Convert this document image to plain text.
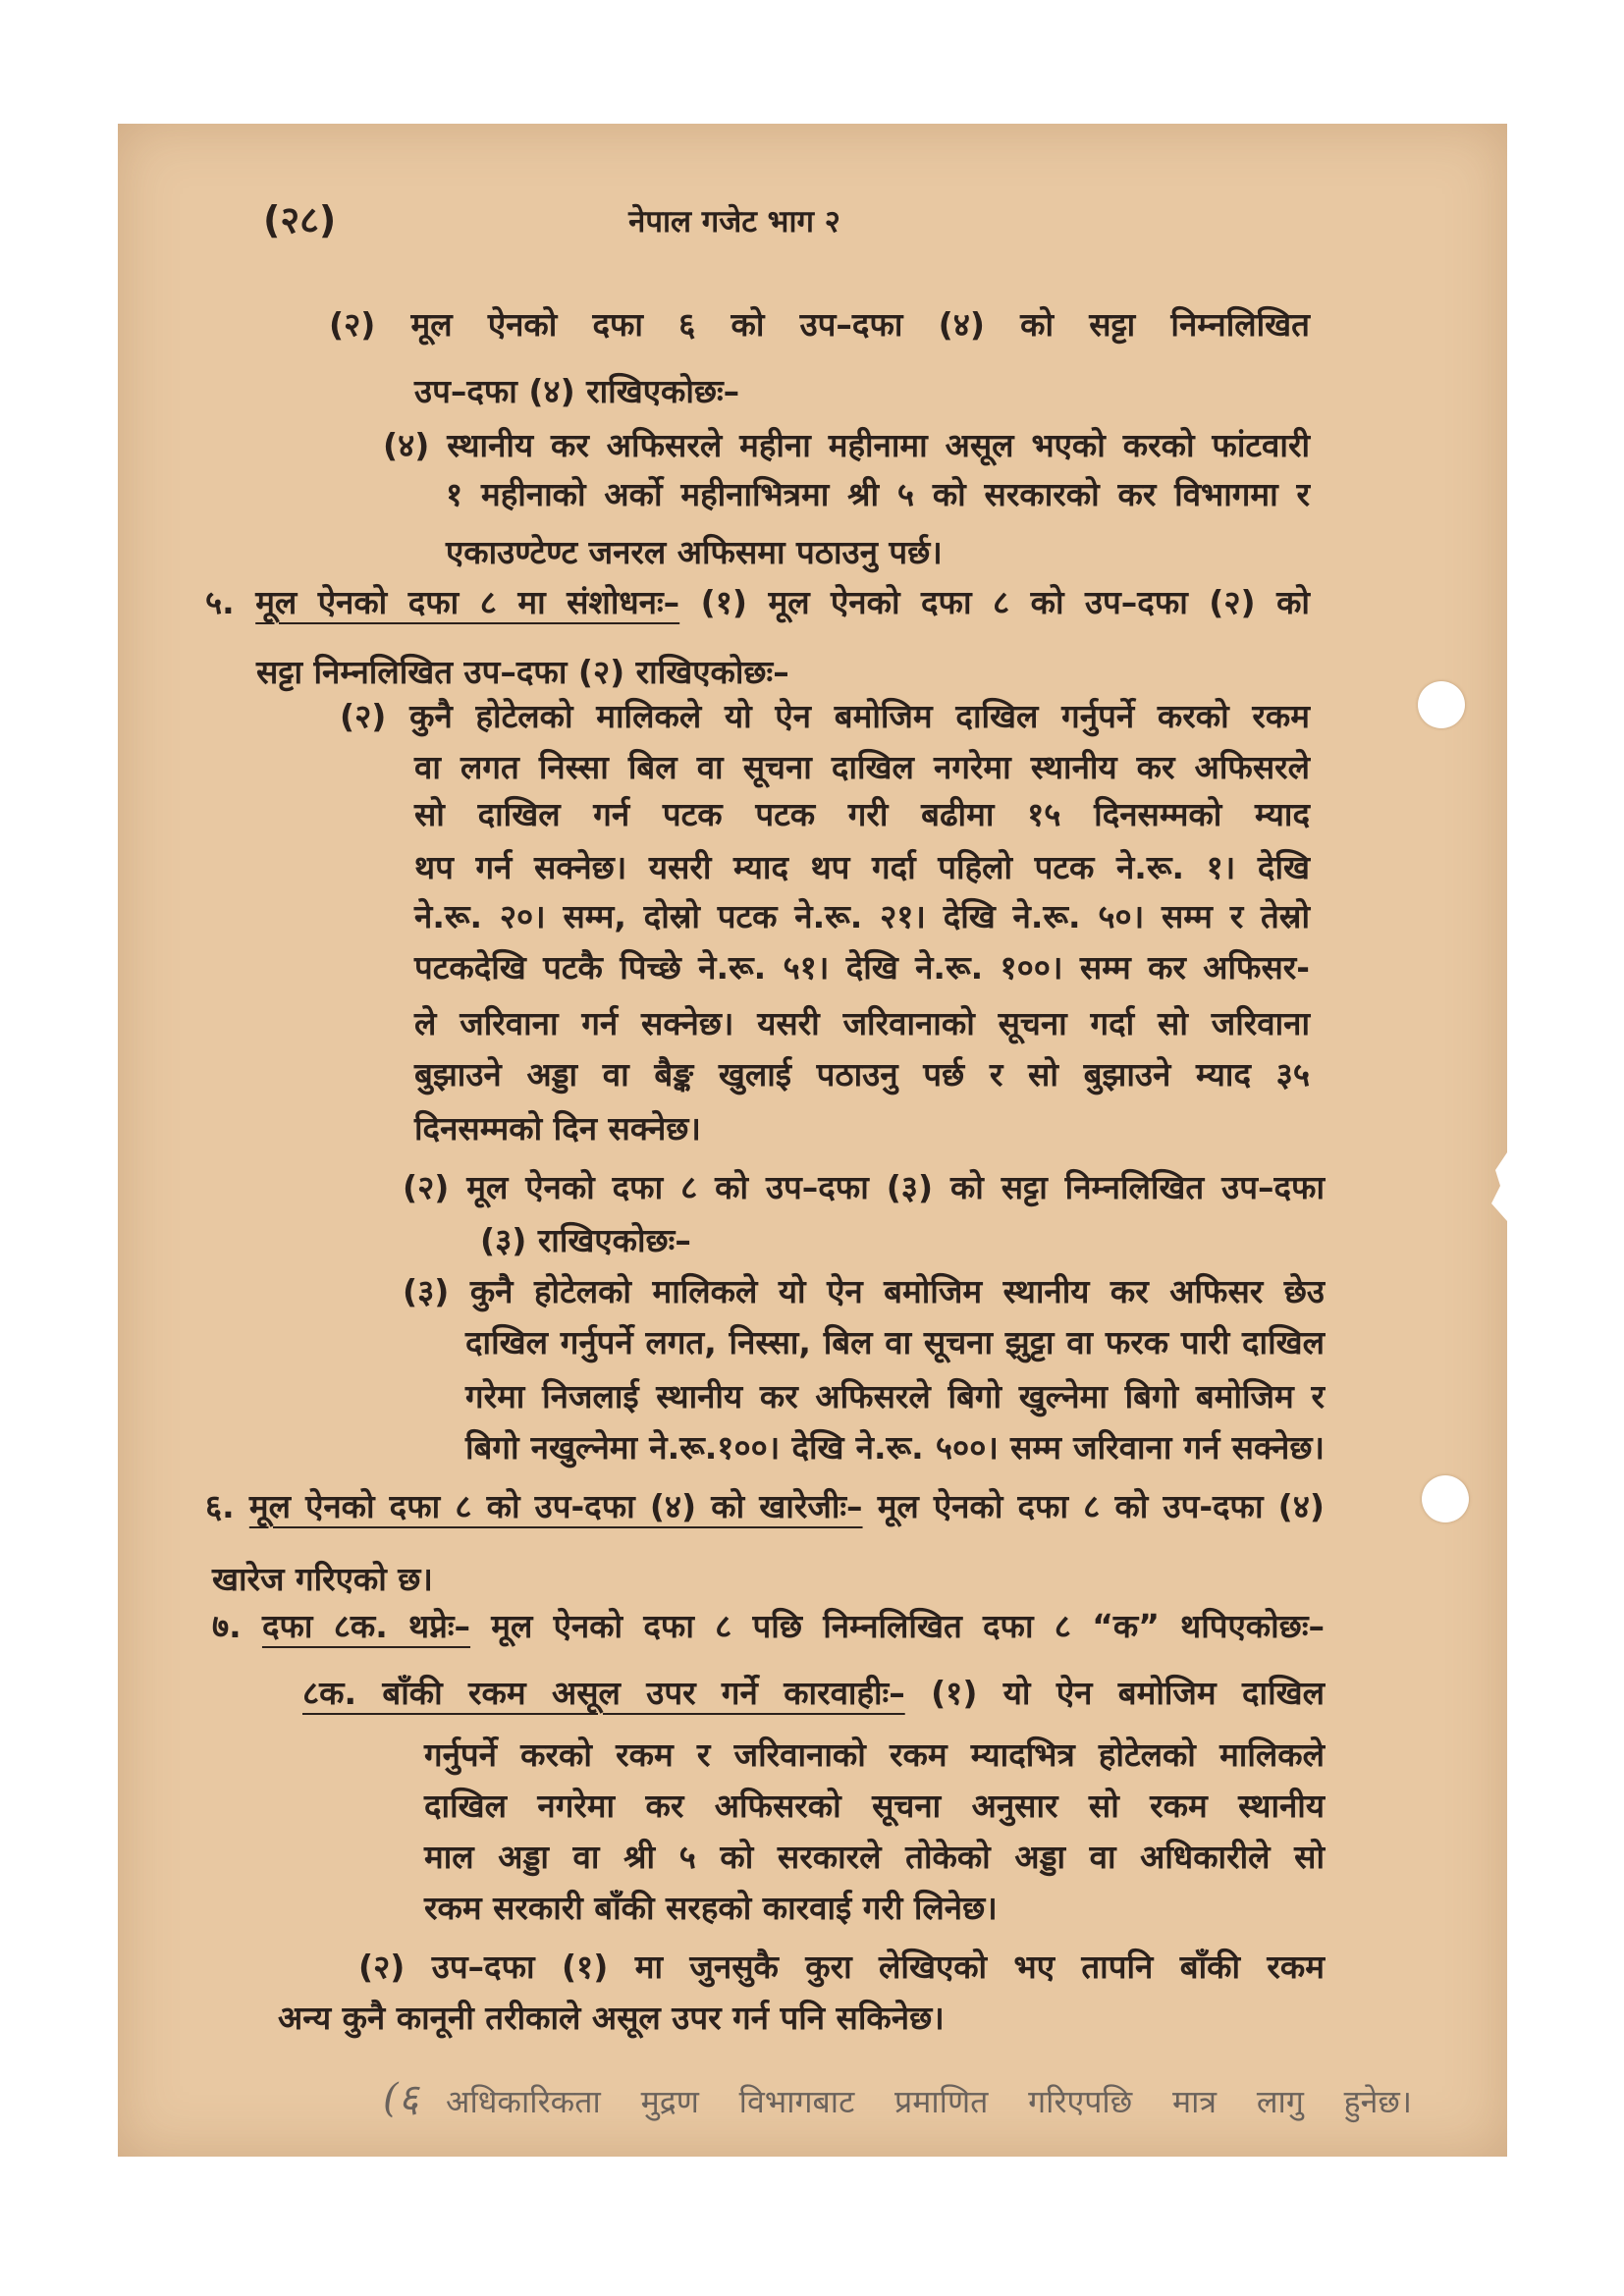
(२८)	नेपाल गजेट भाग २
(२) मूल ऐनको दफा ६ को उप–दफा (४) को सट्टा निम्नलिखित
उप–दफा (४) राखिएकोछः–
(४) स्थानीय कर अफिसरले महीना महीनामा असूल भएको करको फांटवारी
१ महीनाको अर्को महीनाभित्रमा श्री ५ को सरकारको कर विभागमा र
एकाउण्टेण्ट जनरल अफिसमा पठाउनु पर्छ।
५. मूल ऐनको दफा ८ मा संशोधनः– (१) मूल ऐनको दफा ८ को उप–दफा (२) को
सट्टा निम्नलिखित उप–दफा (२) राखिएकोछः–
(२) कुनै होटेलको मालिकले यो ऐन बमोजिम दाखिल गर्नुपर्ने करको रकम
वा लगत निस्सा बिल वा सूचना दाखिल नगरेमा स्थानीय कर अफिसरले
सो दाखिल गर्न पटक पटक गरी बढीमा १५ दिनसम्मको म्याद
थप गर्न सक्नेछ। यसरी म्याद थप गर्दा पहिलो पटक ने.रू. १। देखि
ने.रू. २०। सम्म, दोस्रो पटक ने.रू. २१। देखि ने.रू. ५०। सम्म र तेस्रो
पटकदेखि पटकै पिच्छे ने.रू. ५१। देखि ने.रू. १००। सम्म कर अफिसर-
ले जरिवाना गर्न सक्नेछ। यसरी जरिवानाको सूचना गर्दा सो जरिवाना
बुझाउने अड्डा वा बैङ्क खुलाई पठाउनु पर्छ र सो बुझाउने म्याद ३५
दिनसम्मको दिन सक्नेछ।
(२) मूल ऐनको दफा ८ को उप–दफा (३) को सट्टा निम्नलिखित उप–दफा
(३) राखिएकोछः–
(३) कुनै होटेलको मालिकले यो ऐन बमोजिम स्थानीय कर अफिसर छेउ
दाखिल गर्नुपर्ने लगत, निस्सा, बिल वा सूचना झुट्टा वा फरक पारी दाखिल
गरेमा निजलाई स्थानीय कर अफिसरले बिगो खुल्नेमा बिगो बमोजिम र
बिगो नखुल्नेमा ने.रू.१००। देखि ने.रू. ५००। सम्म जरिवाना गर्न सक्नेछ।
६. मूल ऐनको दफा ८ को उप-दफा (४) को खारेजीः– मूल ऐनको दफा ८ को उप-दफा (४)
खारेज गरिएको छ।
७. दफा ८क. थप्नेः– मूल ऐनको दफा ८ पछि निम्नलिखित दफा ८ “क” थपिएकोछः–
८क. बाँकी रकम असूल उपर गर्ने कारवाहीः– (१) यो ऐन बमोजिम दाखिल
गर्नुपर्ने करको रकम र जरिवानाको रकम म्यादभित्र होटेलको मालिकले
दाखिल नगरेमा कर अफिसरको सूचना अनुसार सो रकम स्थानीय
माल अड्डा वा श्री ५ को सरकारले तोकेको अड्डा वा अधिकारीले सो
रकम सरकारी बाँकी सरहको कारवाई गरी लिनेछ।
(२) उप–दफा (१) मा जुनसुकै कुरा लेखिएको भए तापनि बाँकी रकम
अन्य कुनै कानूनी तरीकाले असूल उपर गर्न पनि सकिनेछ।
(६ अधिकारिकता मुद्रण विभागबाट प्रमाणित गरिएपछि मात्र लागु हुनेछ।
